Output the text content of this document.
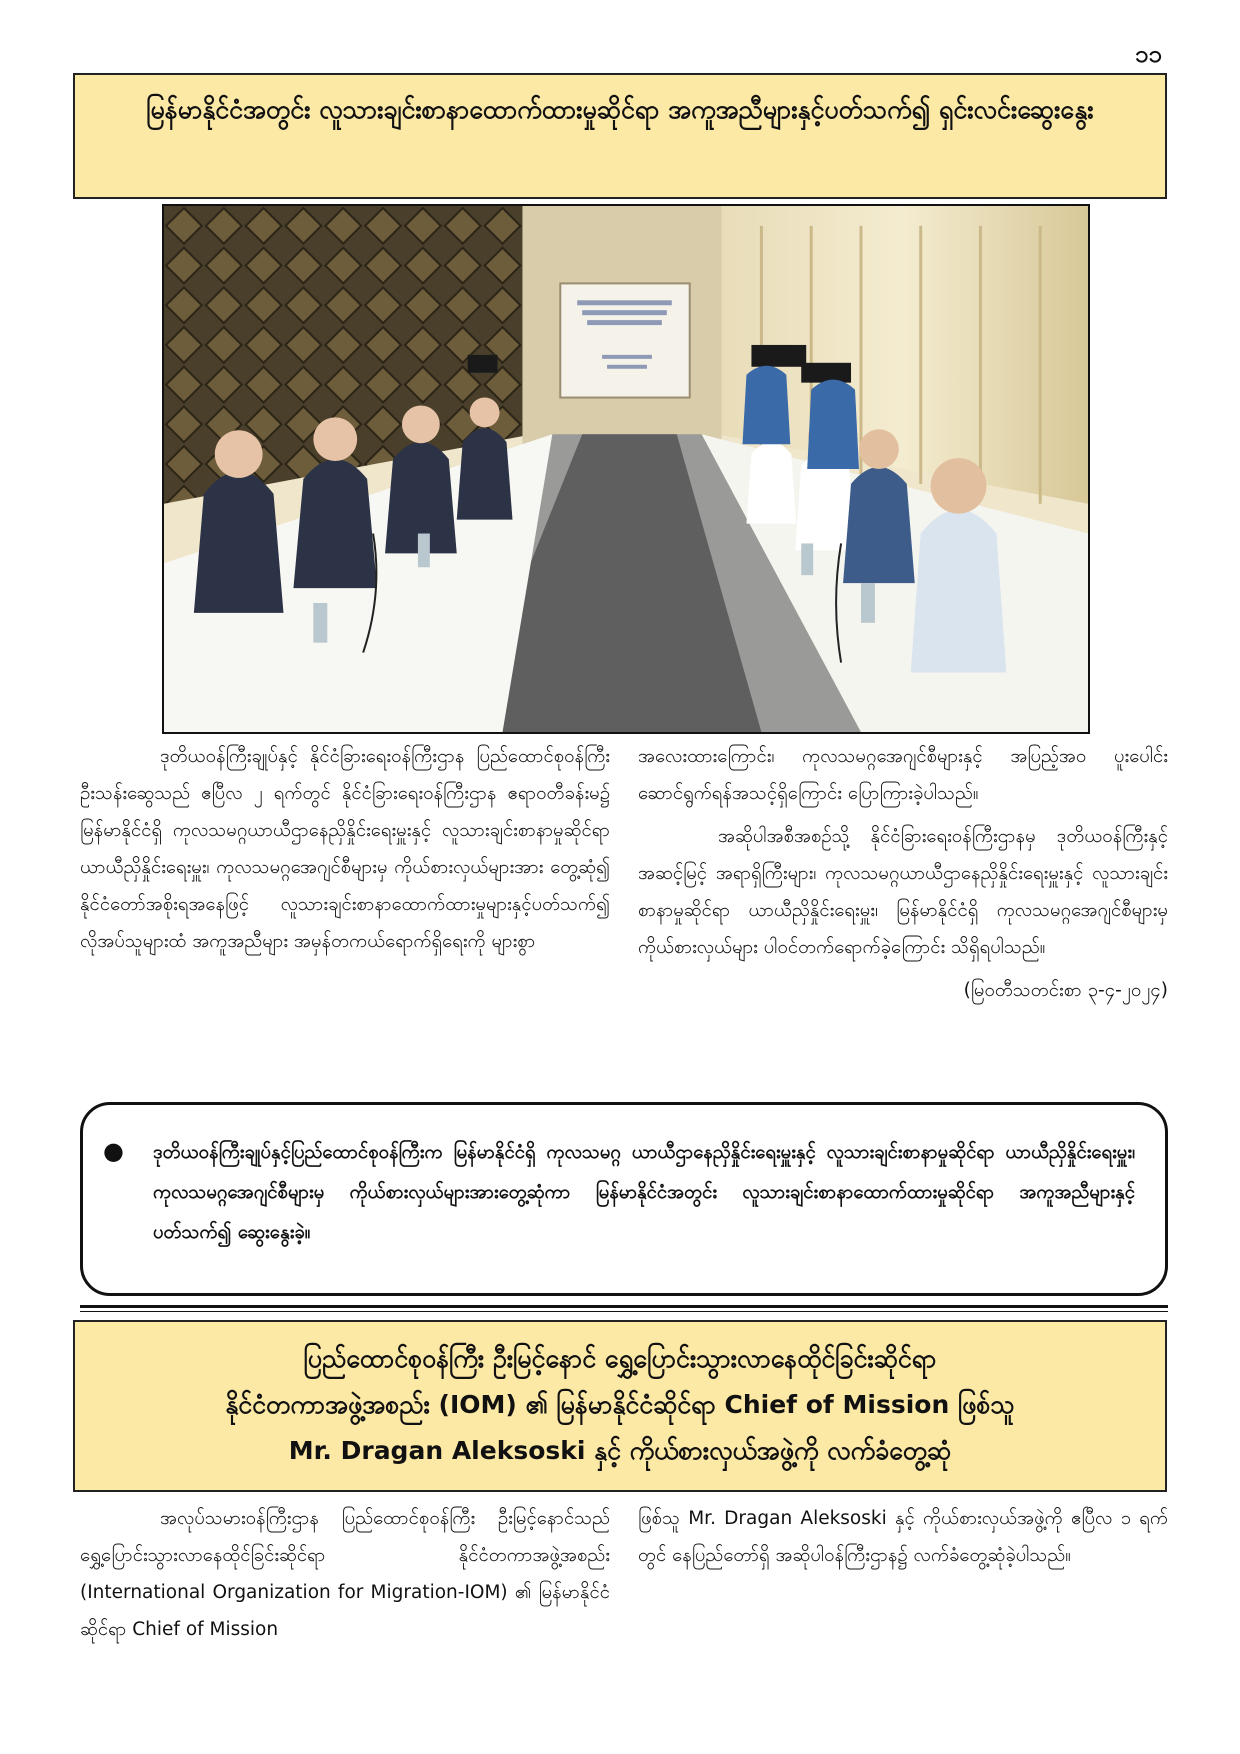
၁၁
မြန်မာနိုင်ငံအတွင်း လူသားချင်းစာနာထောက်ထားမှုဆိုင်ရာ အကူအညီများနှင့်ပတ်သက်၍ ရှင်းလင်းဆွေးနွေး

ဒုတိယဝန်ကြီးချုပ်နှင့် နိုင်ငံခြားရေးဝန်ကြီးဌာန ပြည်ထောင်စုဝန်ကြီး ဦးသန်းဆွေသည် ဧပြီလ ၂ ရက်တွင် နိုင်ငံခြားရေးဝန်ကြီးဌာန ဧရာဝတီခန်းမ၌ မြန်မာနိုင်ငံရှိ ကုလသမဂ္ဂယာယီဌာနေညှိနှိုင်းရေးမှူးနှင့် လူသားချင်းစာနာမှုဆိုင်ရာ ယာယီညှိနှိုင်းရေးမှူး၊ ကုလသမဂ္ဂအေဂျင်စီများမှ ကိုယ်စားလှယ်များအား တွေ့ဆုံ၍ နိုင်ငံတော်အစိုးရအနေဖြင့် လူသားချင်းစာနာထောက်ထားမှုများနှင့်ပတ်သက်၍ လိုအပ်သူများထံ အကူအညီများ အမှန်တကယ်ရောက်ရှိရေးကို များစွာ

အလေးထားကြောင်း၊ ကုလသမဂ္ဂအေဂျင်စီများနှင့် အပြည့်အဝ ပူးပေါင်းဆောင်ရွက်ရန်အသင့်ရှိကြောင်း ပြောကြားခဲ့ပါသည်။

အဆိုပါအစီအစဉ်သို့ နိုင်ငံခြားရေးဝန်ကြီးဌာနမှ ဒုတိယဝန်ကြီးနှင့် အဆင့်မြင့် အရာရှိကြီးများ၊ ကုလသမဂ္ဂယာယီဌာနေညှိနှိုင်းရေးမှူးနှင့် လူသားချင်းစာနာမှုဆိုင်ရာ ယာယီညှိနှိုင်းရေးမှူး၊ မြန်မာနိုင်ငံရှိ ကုလသမဂ္ဂအေဂျင်စီများမှ ကိုယ်စားလှယ်များ ပါဝင်တက်ရောက်ခဲ့ကြောင်း သိရှိရပါသည်။

(မြဝတီသတင်းစာ ၃-၄-၂၀၂၄)

●	ဒုတိယဝန်ကြီးချုပ်နှင့်ပြည်ထောင်စုဝန်ကြီးက မြန်မာနိုင်ငံရှိ ကုလသမဂ္ဂ ယာယီဌာနေညှိနှိုင်းရေးမှူးနှင့် လူသားချင်းစာနာမှုဆိုင်ရာ ယာယီညှိနှိုင်းရေးမှူး၊ ကုလသမဂ္ဂအေဂျင်စီများမှ ကိုယ်စားလှယ်များအားတွေ့ဆုံကာ မြန်မာနိုင်ငံအတွင်း လူသားချင်းစာနာထောက်ထားမှုဆိုင်ရာ အကူအညီများနှင့်ပတ်သက်၍ ဆွေးနွေးခဲ့။

ပြည်ထောင်စုဝန်ကြီး ဦးမြင့်နောင် ရွှေ့ပြောင်းသွားလာနေထိုင်ခြင်းဆိုင်ရာ
နိုင်ငံတကာအဖွဲ့အစည်း (IOM) ၏ မြန်မာနိုင်ငံဆိုင်ရာ Chief of Mission ဖြစ်သူ
Mr. Dragan Aleksoski နှင့် ကိုယ်စားလှယ်အဖွဲ့ကို လက်ခံတွေ့ဆုံ

အလုပ်သမားဝန်ကြီးဌာန ပြည်ထောင်စုဝန်ကြီး ဦးမြင့်နောင်သည် ရွှေ့ပြောင်းသွားလာနေထိုင်ခြင်းဆိုင်ရာ နိုင်ငံတကာအဖွဲ့အစည်း (International Organization for Migration-IOM) ၏ မြန်မာနိုင်ငံဆိုင်ရာ Chief of Mission

ဖြစ်သူ Mr. Dragan Aleksoski နှင့် ကိုယ်စားလှယ်အဖွဲ့ကို ဧပြီလ ၁ ရက်တွင် နေပြည်တော်ရှိ အဆိုပါဝန်ကြီးဌာန၌ လက်ခံတွေ့ဆုံခဲ့ပါသည်။
